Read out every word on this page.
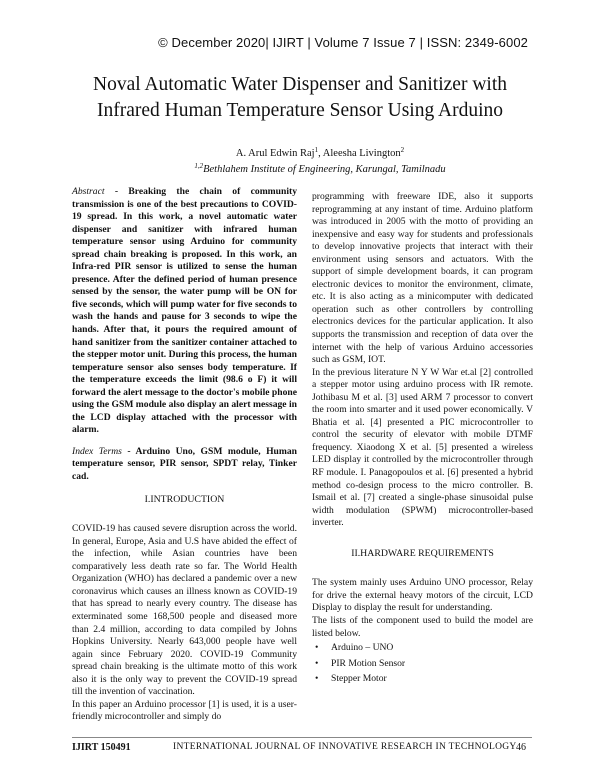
© December 2020| IJIRT | Volume 7 Issue 7 | ISSN: 2349-6002
Noval Automatic Water Dispenser and Sanitizer with
Infrared Human Temperature Sensor Using Arduino
A. Arul Edwin Raj$^1$, Aleesha Livington$^2$
$^{1,2}$Bethlahem Institute of Engineering, Karungal, Tamilnadu

Abstract - Breaking the chain of community transmission is one of the best precautions to COVID- 19 spread. In this work, a novel automatic water dispenser and sanitizer with infrared human temperature sensor using Arduino for community spread chain breaking is proposed. In this work, an Infra-red PIR sensor is utilized to sense the human presence. After the defined period of human presence sensed by the sensor, the water pump will be ON for five seconds, which will pump water for five seconds to wash the hands and pause for 3 seconds to wipe the hands. After that, it pours the required amount of hand sanitizer from the sanitizer container attached to the stepper motor unit. During this process, the human temperature sensor also senses body temperature. If the temperature exceeds the limit (98.6 o F) it will forward the alert message to the doctor's mobile phone using the GSM module also display an alert message in the LCD display attached with the processor with alarm.

Index Terms - Arduino Uno, GSM module, Human temperature sensor, PIR sensor, SPDT relay, Tinker cad.

I.INTRODUCTION

COVID-19 has caused severe disruption across the world. In general, Europe, Asia and U.S have abided the effect of the infection, while Asian countries have been comparatively less death rate so far. The World Health Organization (WHO) has declared a pandemic over a new coronavirus which causes an illness known as COVID-19 that has spread to nearly every country. The disease has exterminated some 168,500 people and diseased more than 2.4 million, according to data compiled by Johns Hopkins University. Nearly 643,000 people have well again since February 2020. COVID-19 Community spread chain breaking is the ultimate motto of this work also it is the only way to prevent the COVID-19 spread till the invention of vaccination.

In this paper an Arduino processor [1] is used, it is a user-friendly microcontroller and simply do

programming with freeware IDE, also it supports reprogramming at any instant of time. Arduino platform was introduced in 2005 with the motto of providing an inexpensive and easy way for students and professionals to develop innovative projects that interact with their environment using sensors and actuators. With the support of simple development boards, it can program electronic devices to monitor the environment, climate, etc. It is also acting as a minicomputer with dedicated operation such as other controllers by controlling electronics devices for the particular application. It also supports the transmission and reception of data over the internet with the help of various Arduino accessories such as GSM, IOT.

In the previous literature N Y W War et.al [2] controlled a stepper motor using arduino process with IR remote. Jothibasu M et al. [3] used ARM 7 processor to convert the room into smarter and it used power economically. V Bhatia et al. [4] presented a PIC microcontroller to control the security of elevator with mobile DTMF frequency. Xiaodong X et al. [5] presented a wireless LED display it controlled by the microcontroller through RF module. I. Panagopoulos et al. [6] presented a hybrid method co-design process to the micro controller. B. Ismail et al. [7] created a single-phase sinusoidal pulse width modulation (SPWM) microcontroller-based inverter.

II.HARDWARE REQUIREMENTS

The system mainly uses Arduino UNO processor, Relay for drive the external heavy motors of the circuit, LCD Display to display the result for understanding.

The lists of the component used to build the model are listed below.

• Arduino – UNO
• PIR Motion Sensor
• Stepper Motor
IJIRT 150491	INTERNATIONAL JOURNAL OF INNOVATIVE RESEARCH IN TECHNOLOGY 46
